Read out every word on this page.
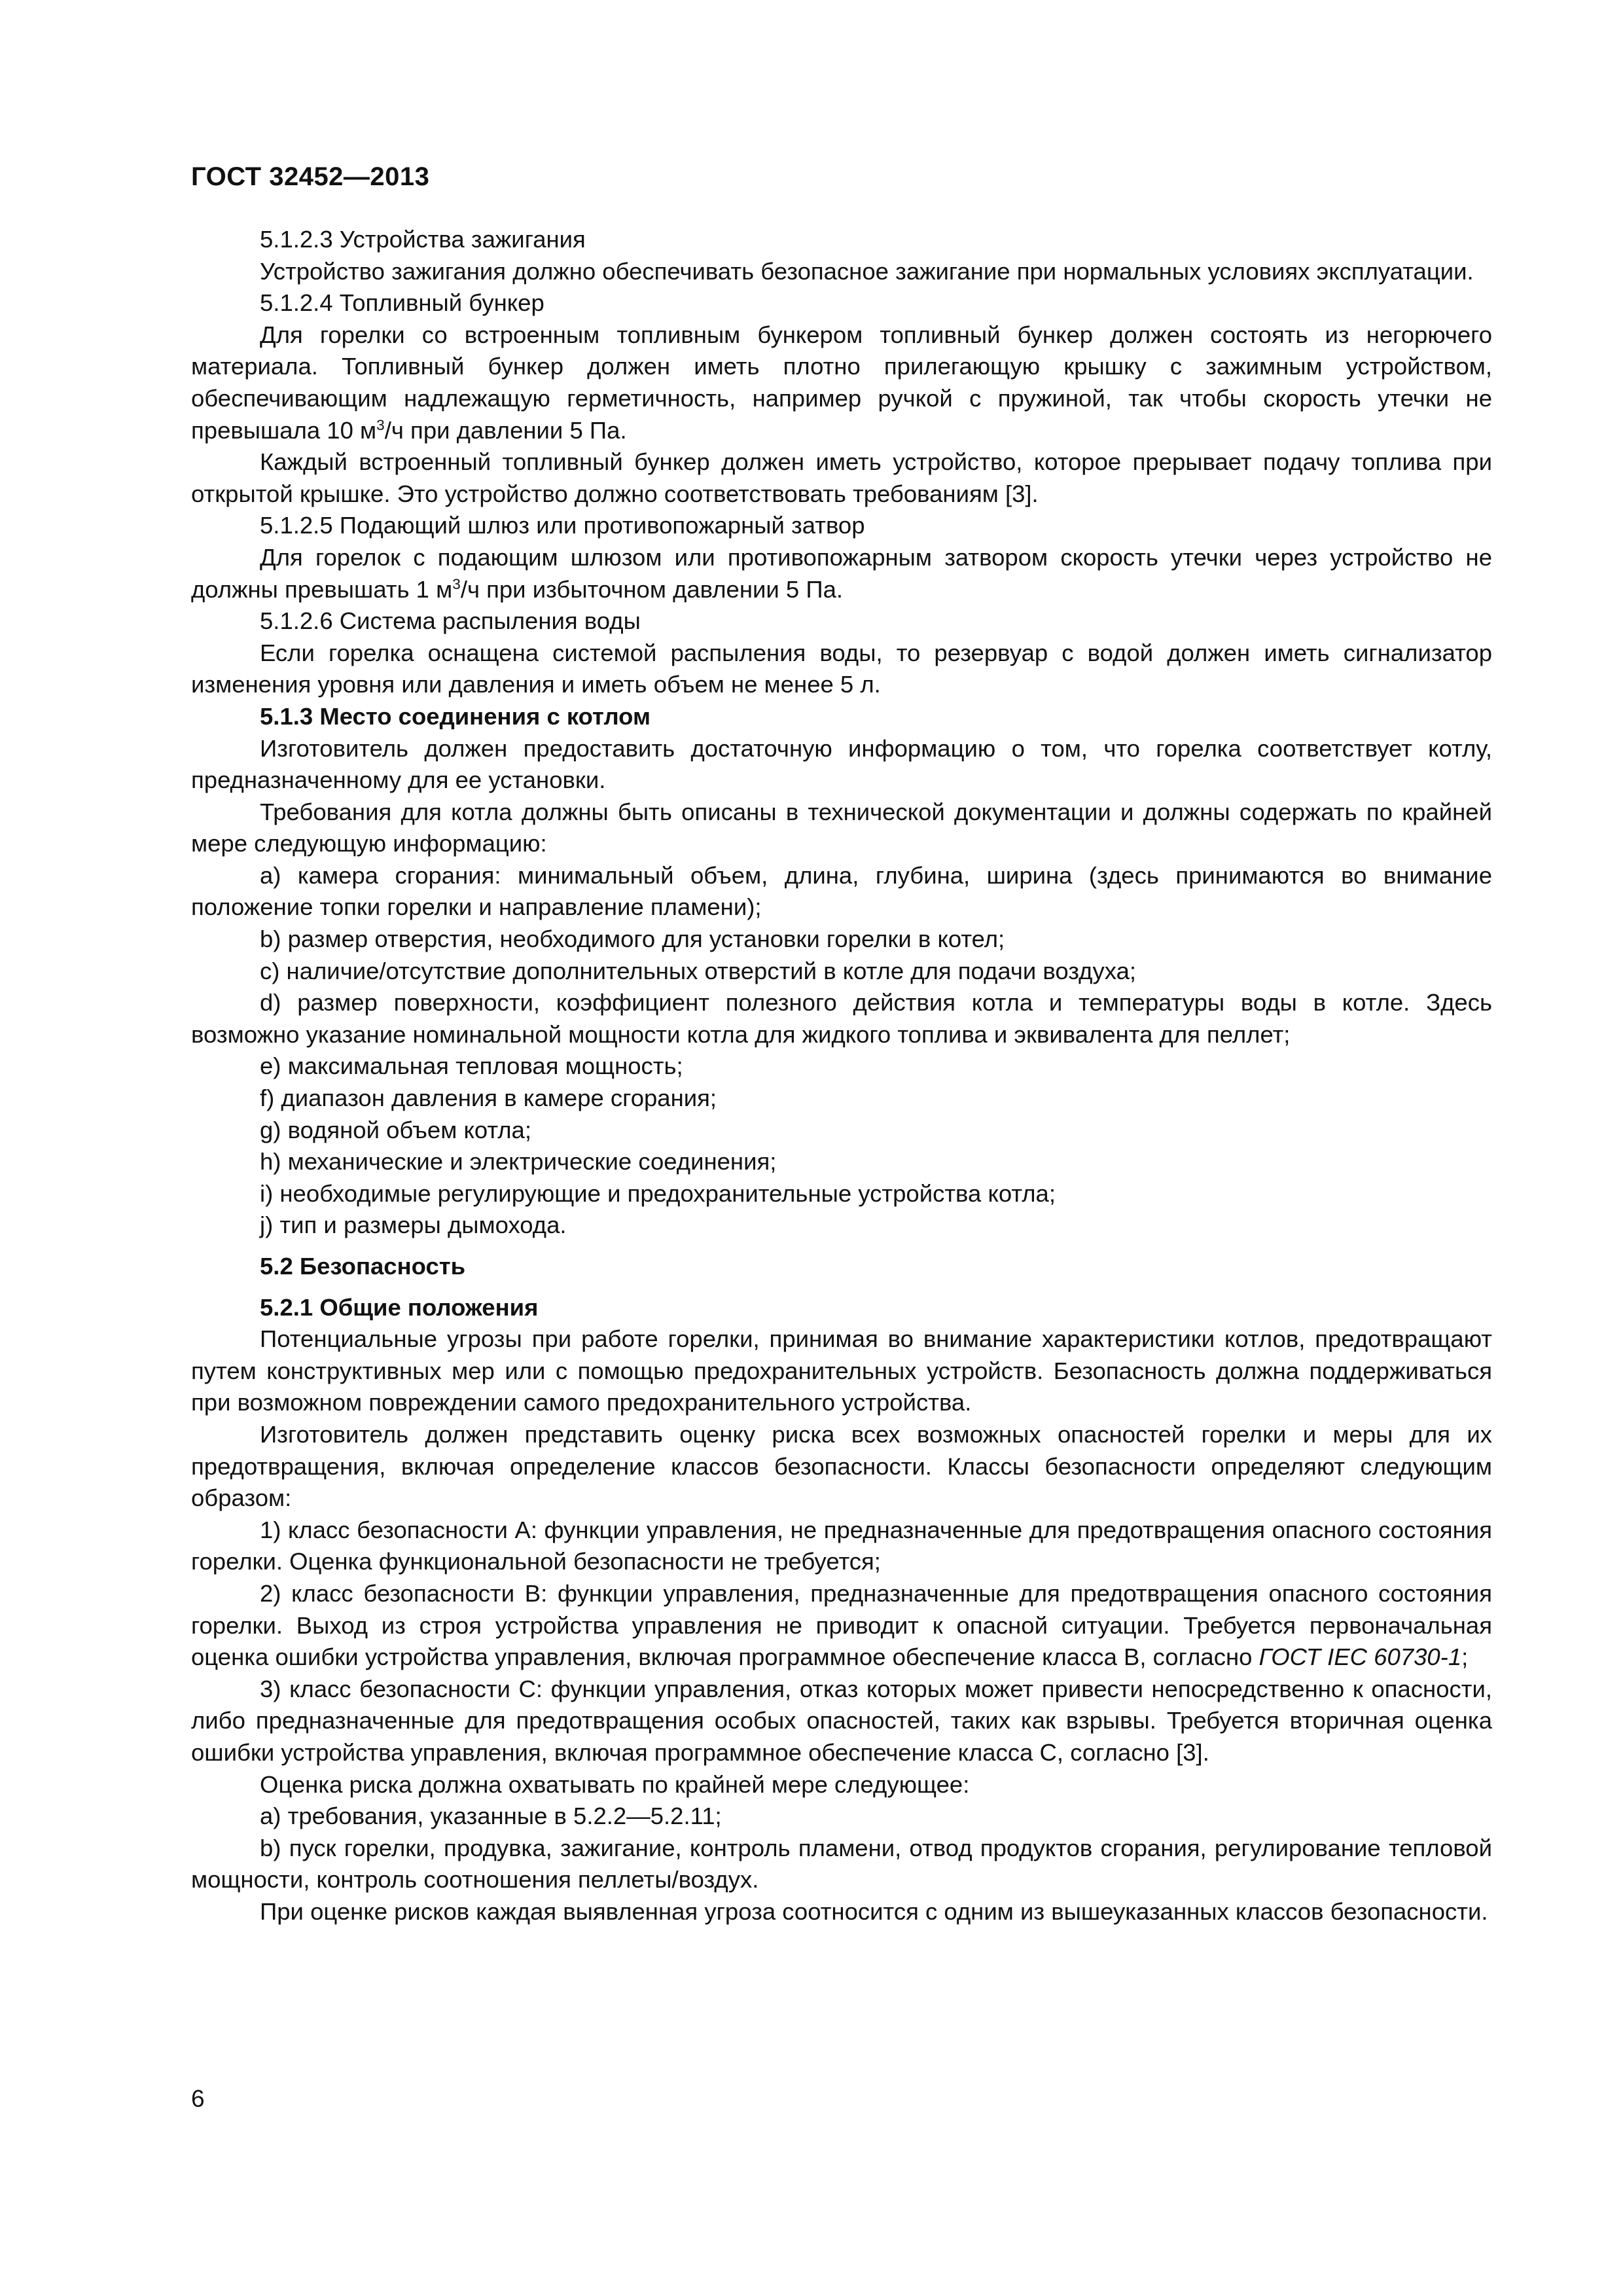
ГОСТ 32452—2013

5.1.2.3 Устройства зажигания

Устройство зажигания должно обеспечивать безопасное зажигание при нормальных условиях эксплуатации.

5.1.2.4 Топливный бункер

Для горелки со встроенным топливным бункером топливный бункер должен состоять из негорючего материала. Топливный бункер должен иметь плотно прилегающую крышку с зажимным устройством, обеспечивающим надлежащую герметичность, например ручкой с пружиной, так чтобы скорость утечки не превышала 10 $м^3/ч$ при давлении 5 Па.

Каждый встроенный топливный бункер должен иметь устройство, которое прерывает подачу топлива при открытой крышке. Это устройство должно соответствовать требованиям [3].

5.1.2.5 Подающий шлюз или противопожарный затвор

Для горелок с подающим шлюзом или противопожарным затвором скорость утечки через устройство не должны превышать 1 $м^3/ч$ при избыточном давлении 5 Па.

5.1.2.6 Система распыления воды

Если горелка оснащена системой распыления воды, то резервуар с водой должен иметь сигнализатор изменения уровня или давления и иметь объем не менее 5 л.

5.1.3 Место соединения с котлом

Изготовитель должен предоставить достаточную информацию о том, что горелка соответствует котлу, предназначенному для ее установки.

Требования для котла должны быть описаны в технической документации и должны содержать по крайней мере следующую информацию:

a) камера сгорания: минимальный объем, длина, глубина, ширина (здесь принимаются во внимание положение топки горелки и направление пламени);

b) размер отверстия, необходимого для установки горелки в котел;

c) наличие/отсутствие дополнительных отверстий в котле для подачи воздуха;

d) размер поверхности, коэффициент полезного действия котла и температуры воды в котле. Здесь возможно указание номинальной мощности котла для жидкого топлива и эквивалента для пеллет;

e) максимальная тепловая мощность;

f) диапазон давления в камере сгорания;

g) водяной объем котла;

h) механические и электрические соединения;

i) необходимые регулирующие и предохранительные устройства котла;

j) тип и размеры дымохода.

5.2 Безопасность

5.2.1 Общие положения

Потенциальные угрозы при работе горелки, принимая во внимание характеристики котлов, предотвращают путем конструктивных мер или с помощью предохранительных устройств. Безопасность должна поддерживаться при возможном повреждении самого предохранительного устройства.

Изготовитель должен представить оценку риска всех возможных опасностей горелки и меры для их предотвращения, включая определение классов безопасности. Классы безопасности определяют следующим образом:

1) класс безопасности А: функции управления, не предназначенные для предотвращения опасного состояния горелки. Оценка функциональной безопасности не требуется;

2) класс безопасности В: функции управления, предназначенные для предотвращения опасного состояния горелки. Выход из строя устройства управления не приводит к опасной ситуации. Требуется первоначальная оценка ошибки устройства управления, включая программное обеспечение класса В, согласно ГОСТ IEC 60730-1;

3) класс безопасности С: функции управления, отказ которых может привести непосредственно к опасности, либо предназначенные для предотвращения особых опасностей, таких как взрывы. Требуется вторичная оценка ошибки устройства управления, включая программное обеспечение класса С, согласно [3].

Оценка риска должна охватывать по крайней мере следующее:

a) требования, указанные в 5.2.2—5.2.11;

b) пуск горелки, продувка, зажигание, контроль пламени, отвод продуктов сгорания, регулирование тепловой мощности, контроль соотношения пеллеты/воздух.

При оценке рисков каждая выявленная угроза соотносится с одним из вышеуказанных классов безопасности.

6
